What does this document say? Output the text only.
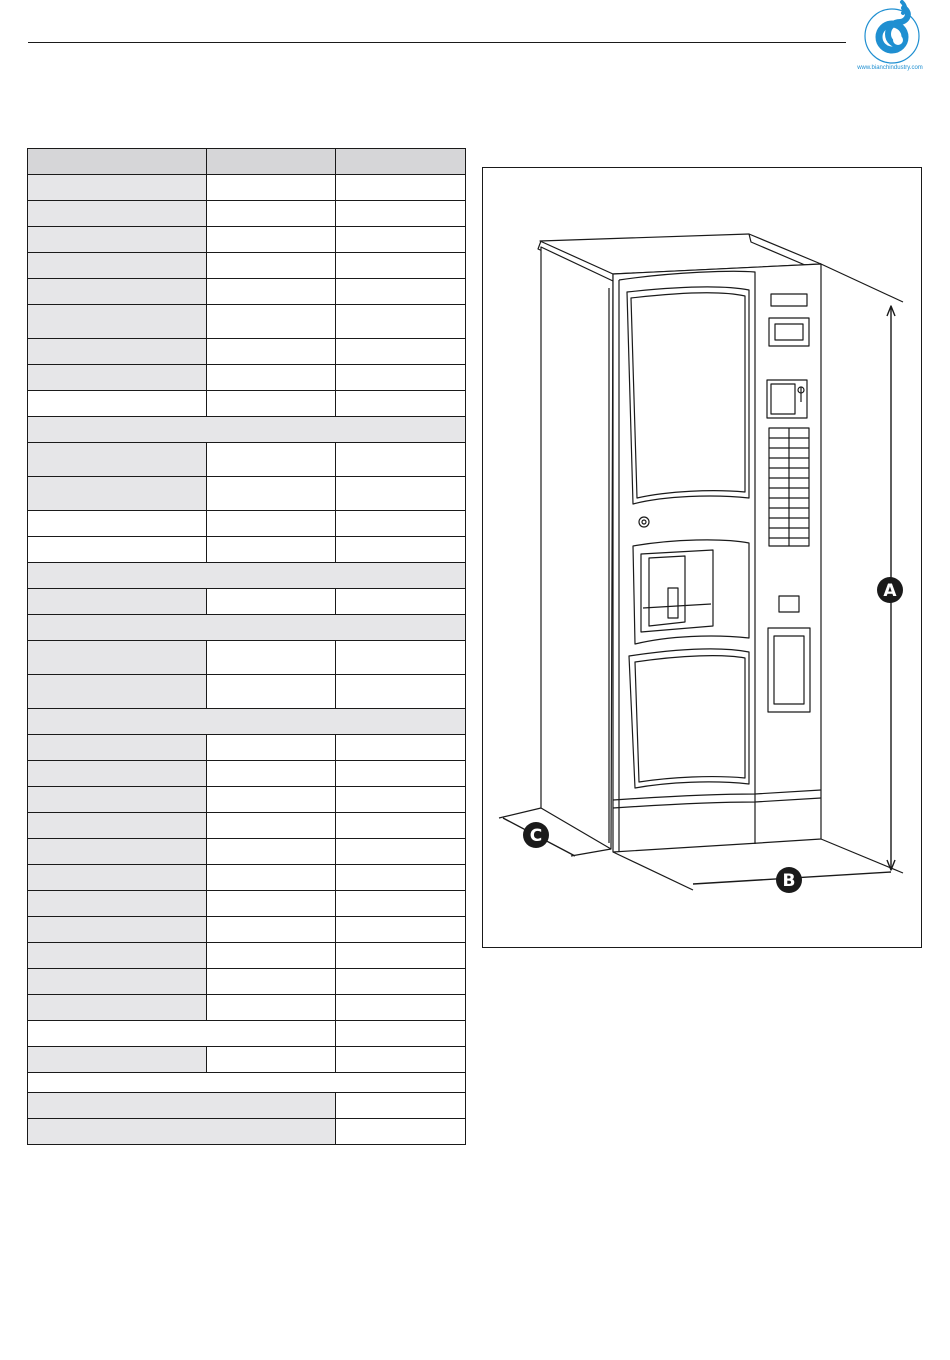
www.bianchindustry.com

A
B
C
